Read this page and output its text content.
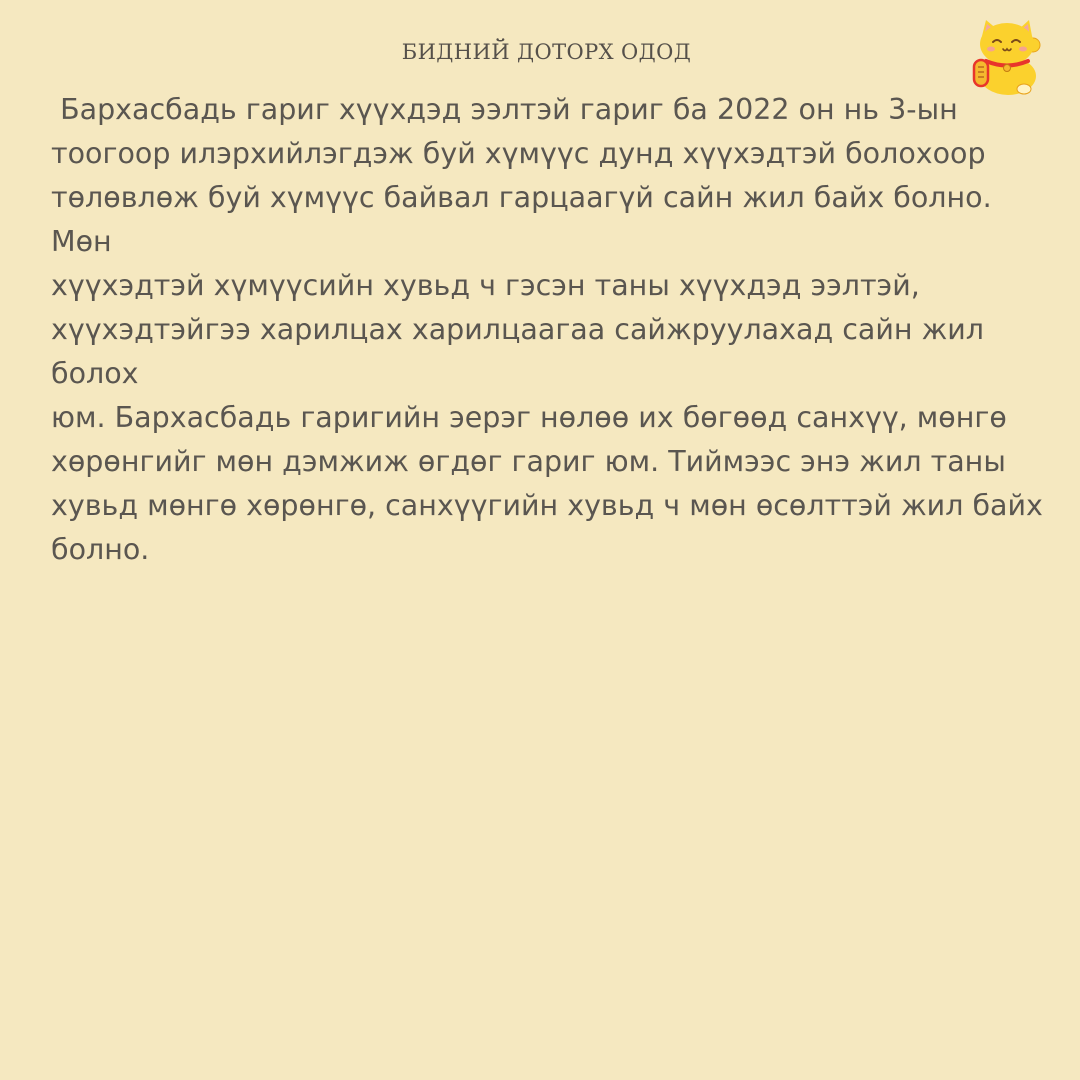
БИДНИЙ ДОТОРХ ОДОД

Бархасбадь гариг хүүхдэд ээлтэй гариг ба 2022 он нь 3-ын
тоогоор илэрхийлэгдэж буй хүмүүс дунд хүүхэдтэй болохоор
төлөвлөж буй хүмүүс байвал гарцаагүй сайн жил байх болно. Мөн
хүүхэдтэй хүмүүсийн хувьд ч гэсэн таны хүүхдэд ээлтэй,
хүүхэдтэйгээ харилцах харилцаагаа сайжруулахад сайн жил болох
юм. Бархасбадь гаригийн эерэг нөлөө их бөгөөд санхүү, мөнгө
хөрөнгийг мөн дэмжиж өгдөг гариг юм. Тиймээс энэ жил таны
хувьд мөнгө хөрөнгө, санхүүгийн хувьд ч мөн өсөлттэй жил байх
болно.
